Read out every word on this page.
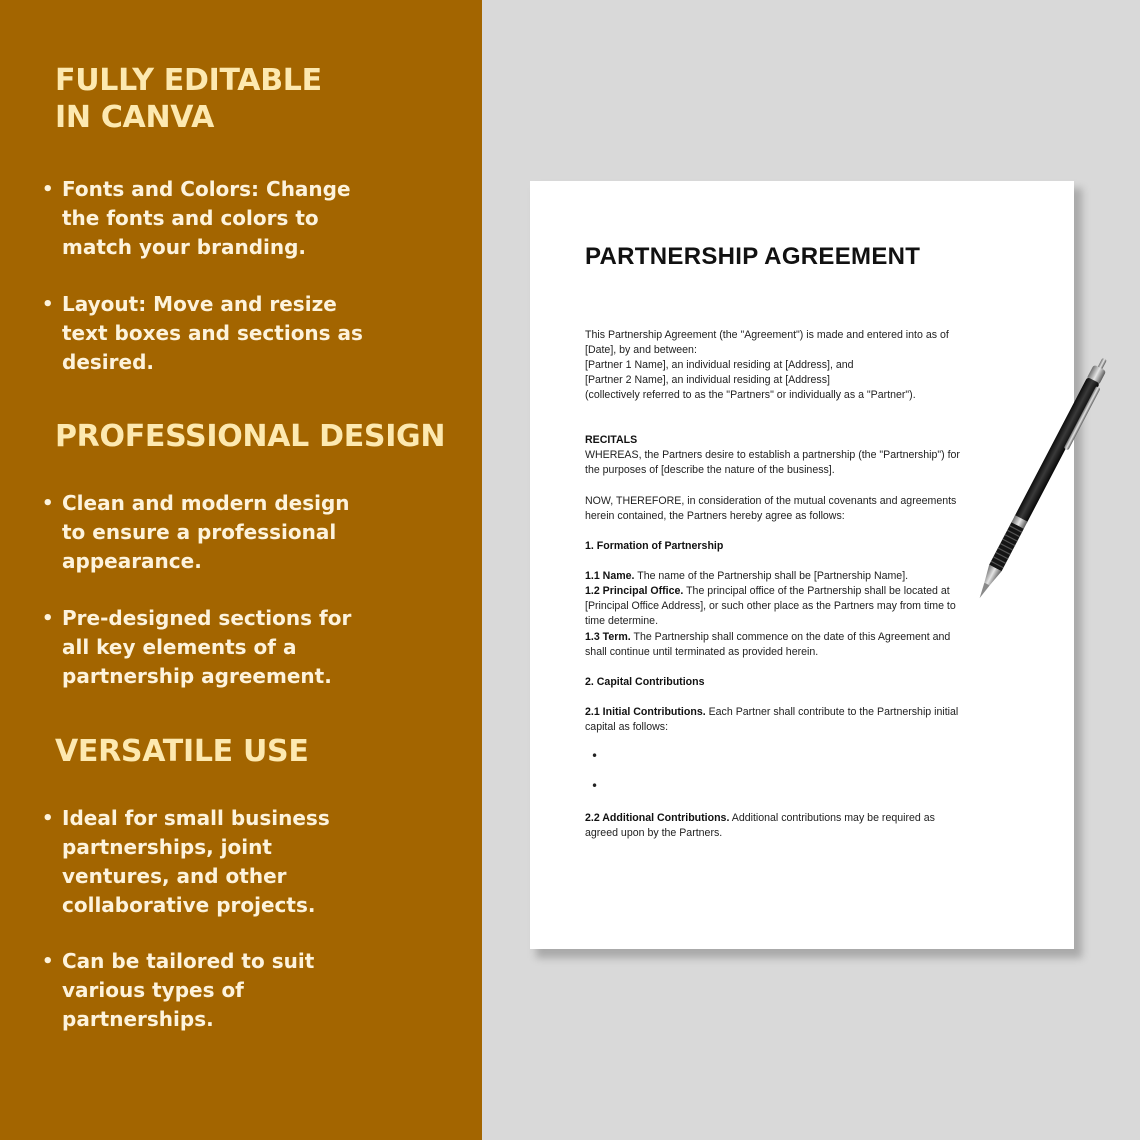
FULLY EDITABLE
IN CANVA
• Fonts and Colors: Change
the fonts and colors to
match your branding.
• Layout: Move and resize
text boxes and sections as
desired.
PROFESSIONAL DESIGN
• Clean and modern design
to ensure a professional
appearance.
• Pre-designed sections for
all key elements of a
partnership agreement.
VERSATILE USE
• Ideal for small business
partnerships, joint
ventures, and other
collaborative projects.
• Can be tailored to suit
various types of
partnerships.
PARTNERSHIP AGREEMENT
This Partnership Agreement (the "Agreement") is made and entered into as of
[Date], by and between:
[Partner 1 Name], an individual residing at [Address], and
[Partner 2 Name], an individual residing at [Address]
(collectively referred to as the "Partners" or individually as a "Partner").
RECITALS
WHEREAS, the Partners desire to establish a partnership (the "Partnership") for
the purposes of [describe the nature of the business].
NOW, THEREFORE, in consideration of the mutual covenants and agreements
herein contained, the Partners hereby agree as follows:
1. Formation of Partnership
1.1 Name. The name of the Partnership shall be [Partnership Name].
1.2 Principal Office. The principal office of the Partnership shall be located at
[Principal Office Address], or such other place as the Partners may from time to
time determine.
1.3 Term. The Partnership shall commence on the date of this Agreement and
shall continue until terminated as provided herein.
2. Capital Contributions
2.1 Initial Contributions. Each Partner shall contribute to the Partnership initial
capital as follows:
•
•
2.2 Additional Contributions. Additional contributions may be required as
agreed upon by the Partners.
